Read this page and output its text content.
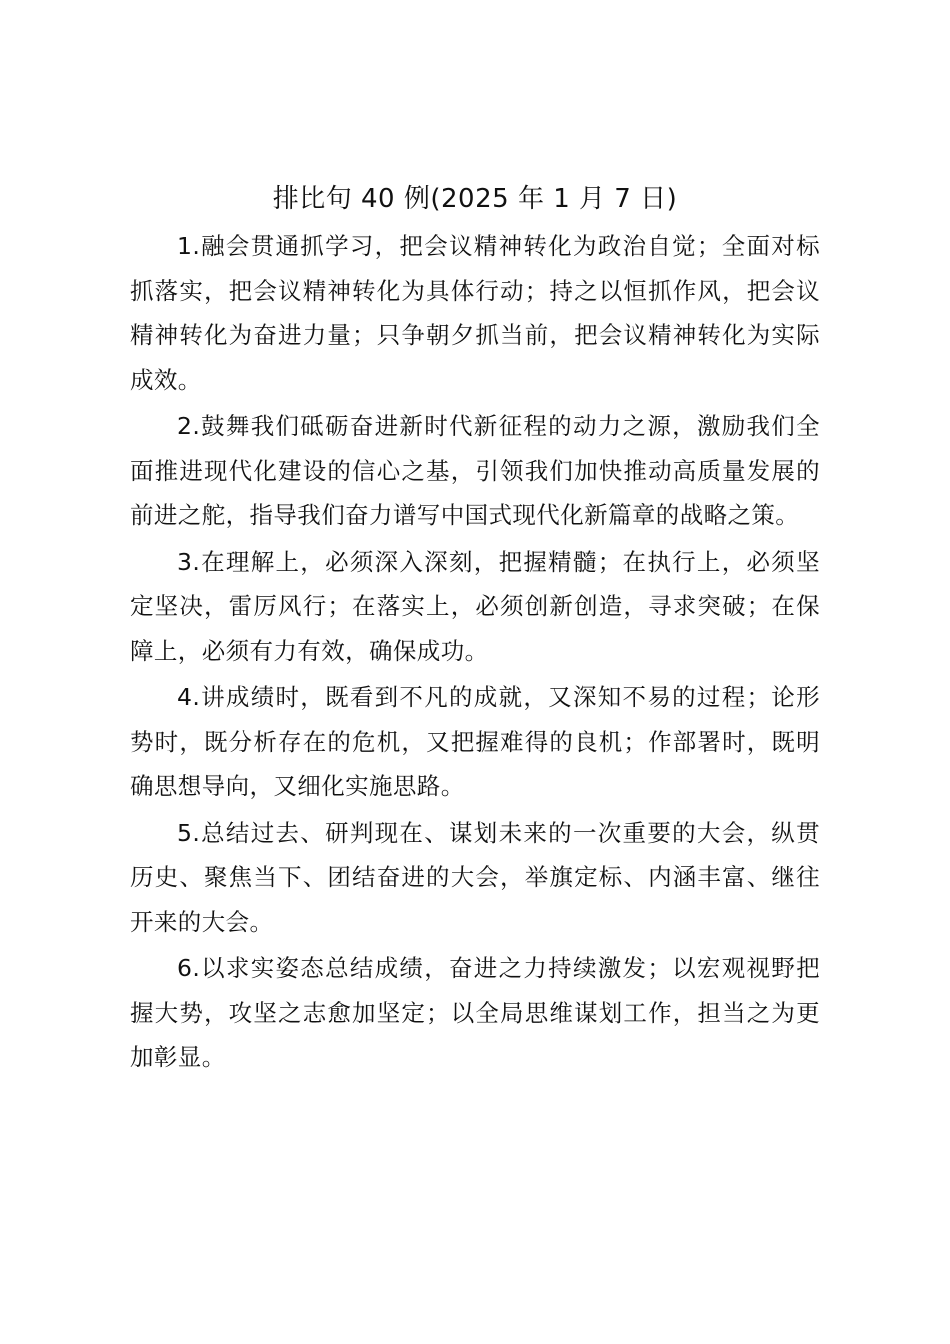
排比句 40 例(2025 年 1 月 7 日)

1.融会贯通抓学习，把会议精神转化为政治自觉；全面对标抓落实，把会议精神转化为具体行动；持之以恒抓作风，把会议精神转化为奋进力量；只争朝夕抓当前，把会议精神转化为实际成效。

2.鼓舞我们砥砺奋进新时代新征程的动力之源，激励我们全面推进现代化建设的信心之基，引领我们加快推动高质量发展的前进之舵，指导我们奋力谱写中国式现代化新篇章的战略之策。

3.在理解上，必须深入深刻，把握精髓；在执行上，必须坚定坚决，雷厉风行；在落实上，必须创新创造，寻求突破；在保障上，必须有力有效，确保成功。

4.讲成绩时，既看到不凡的成就，又深知不易的过程；论形势时，既分析存在的危机，又把握难得的良机；作部署时，既明确思想导向，又细化实施思路。

5.总结过去、研判现在、谋划未来的一次重要的大会，纵贯历史、聚焦当下、团结奋进的大会，举旗定标、内涵丰富、继往开来的大会。

6.以求实姿态总结成绩，奋进之力持续激发；以宏观视野把握大势，攻坚之志愈加坚定；以全局思维谋划工作，担当之为更加彰显。
